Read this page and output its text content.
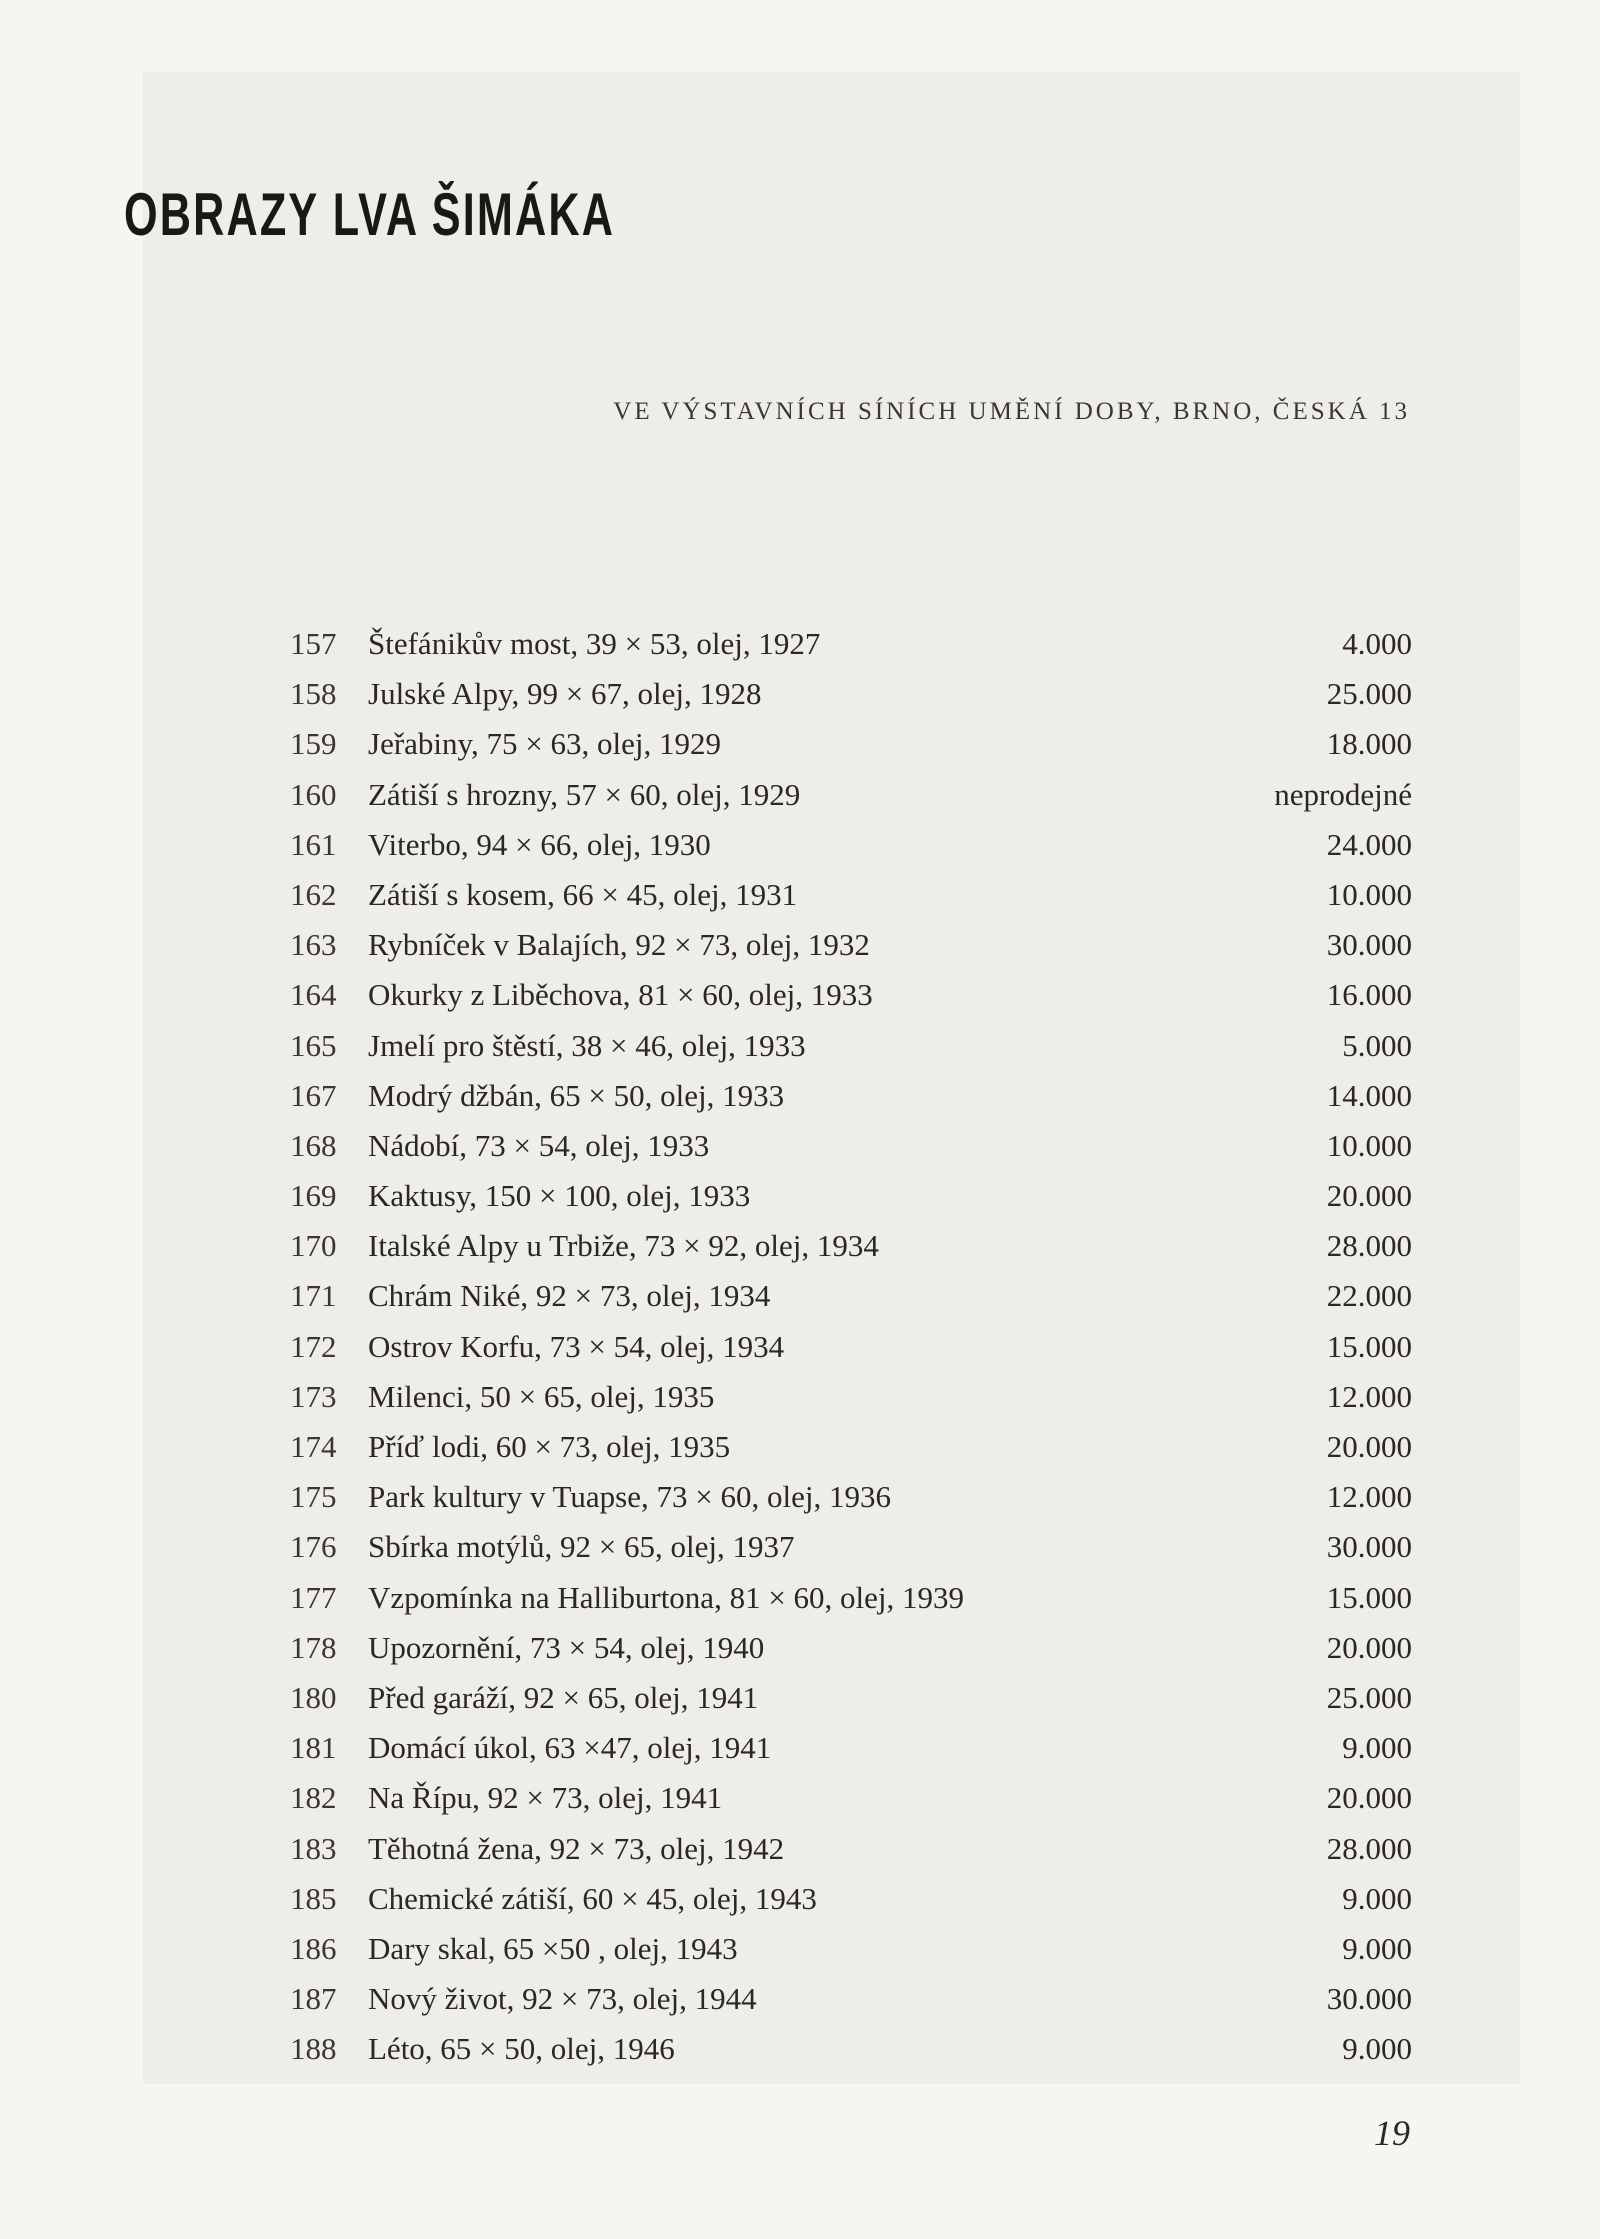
OBRAZY LVA ŠIMÁKA
VE VÝSTAVNÍCH SÍNÍCH UMĚNÍ DOBY, BRNO, ČESKÁ 13
157	Štefánikův most, 39 × 53, olej, 1927	4.000
158	Julské Alpy, 99 × 67, olej, 1928	25.000
159	Jeřabiny, 75 × 63, olej, 1929	18.000
160	Zátiší s hrozny, 57 × 60, olej, 1929	neprodejné
161	Viterbo, 94 × 66, olej, 1930	24.000
162	Zátiší s kosem, 66 × 45, olej, 1931	10.000
163	Rybníček v Balajích, 92 × 73, olej, 1932	30.000
164	Okurky z Liběchova, 81 × 60, olej, 1933	16.000
165	Jmelí pro štěstí, 38 × 46, olej, 1933	5.000
167	Modrý džbán, 65 × 50, olej, 1933	14.000
168	Nádobí, 73 × 54, olej, 1933	10.000
169	Kaktusy, 150 × 100, olej, 1933	20.000
170	Italské Alpy u Trbiže, 73 × 92, olej, 1934	28.000
171	Chrám Niké, 92 × 73, olej, 1934	22.000
172	Ostrov Korfu, 73 × 54, olej, 1934	15.000
173	Milenci, 50 × 65, olej, 1935	12.000
174	Příď lodi, 60 × 73, olej, 1935	20.000
175	Park kultury v Tuapse, 73 × 60, olej, 1936	12.000
176	Sbírka motýlů, 92 × 65, olej, 1937	30.000
177	Vzpomínka na Halliburtona, 81 × 60, olej, 1939	15.000
178	Upozornění, 73 × 54, olej, 1940	20.000
180	Před garáží, 92 × 65, olej, 1941	25.000
181	Domácí úkol, 63 ×47, olej, 1941	9.000
182	Na Řípu, 92 × 73, olej, 1941	20.000
183	Těhotná žena, 92 × 73, olej, 1942	28.000
185	Chemické zátiší, 60 × 45, olej, 1943	9.000
186	Dary skal, 65 ×50 , olej, 1943	9.000
187	Nový život, 92 × 73, olej, 1944	30.000
188	Léto, 65 × 50, olej, 1946	9.000
19
